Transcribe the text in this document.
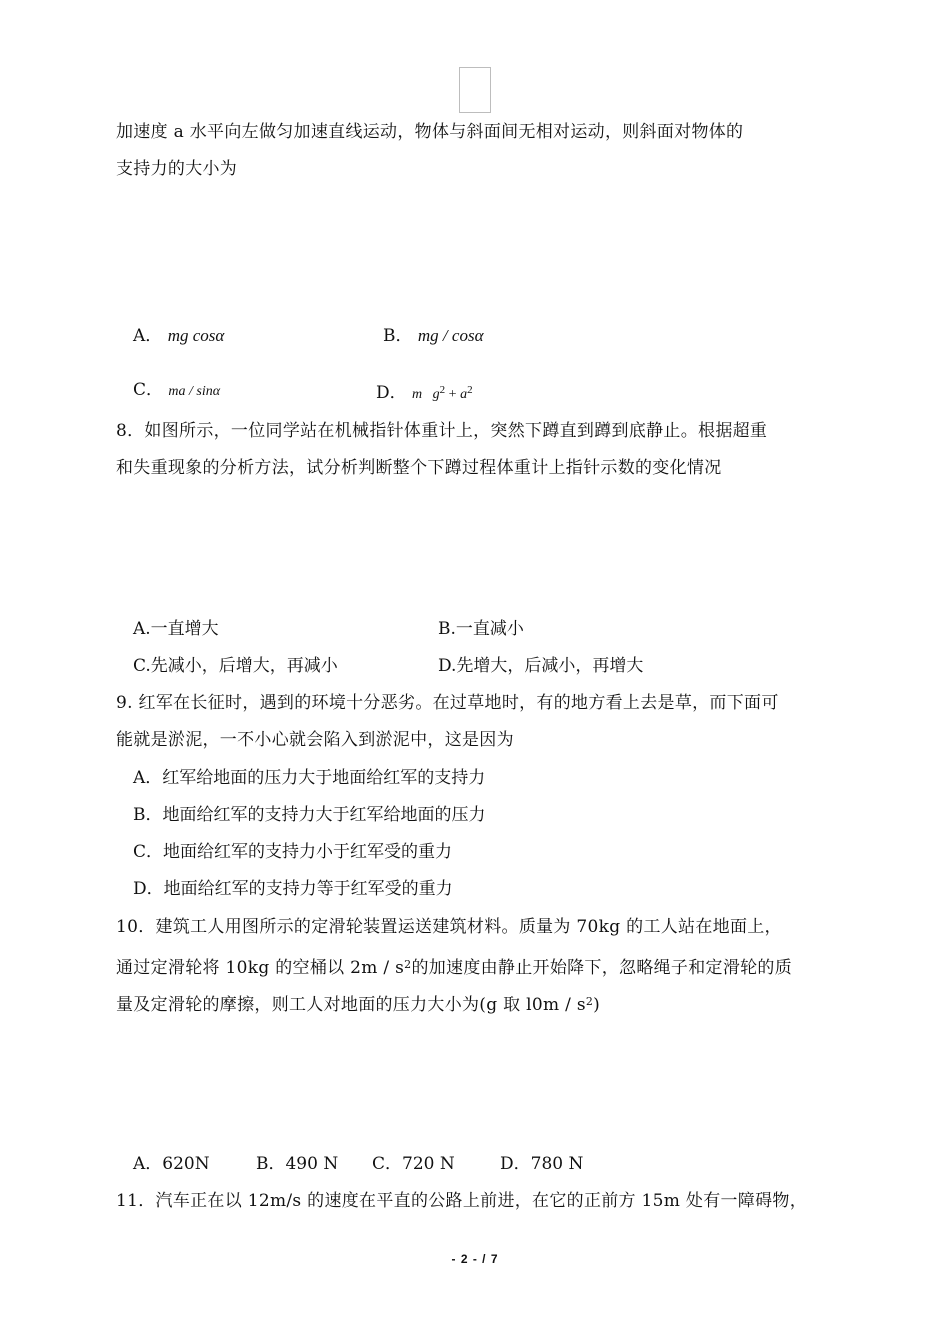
加速度 a 水平向左做匀加速直线运动，物体与斜面间无相对运动，则斜面对物体的
支持力的大小为
A． mg cosα	B． mg / cosα
C． ma / sinα	D． m $g^2 + a^2$
8．如图所示，一位同学站在机械指针体重计上，突然下蹲直到蹲到底静止。根据超重
和失重现象的分析方法，试分析判断整个下蹲过程体重计上指针示数的变化情况
A.一直增大	B.一直减小
C.先减小，后增大，再减小	D.先增大，后减小，再增大
9. 红军在长征时，遇到的环境十分恶劣。在过草地时，有的地方看上去是草，而下面可
能就是淤泥，一不小心就会陷入到淤泥中，这是因为
A．红军给地面的压力大于地面给红军的支持力
B．地面给红军的支持力大于红军给地面的压力
C．地面给红军的支持力小于红军受的重力
D．地面给红军的支持力等于红军受的重力
10．建筑工人用图所示的定滑轮装置运送建筑材料。质量为 70kg 的工人站在地面上，
通过定滑轮将 10kg 的空桶以 $2m / s^2$的加速度由静止开始降下，忽略绳子和定滑轮的质
量及定滑轮的摩擦，则工人对地面的压力大小为(g 取 $l0m / s^2$)
A．620N	B．490 N C．720 N	D．780 N
11．汽车正在以 12m/s 的速度在平直的公路上前进，在它的正前方 15m 处有一障碍物，
- 2 - / 7
